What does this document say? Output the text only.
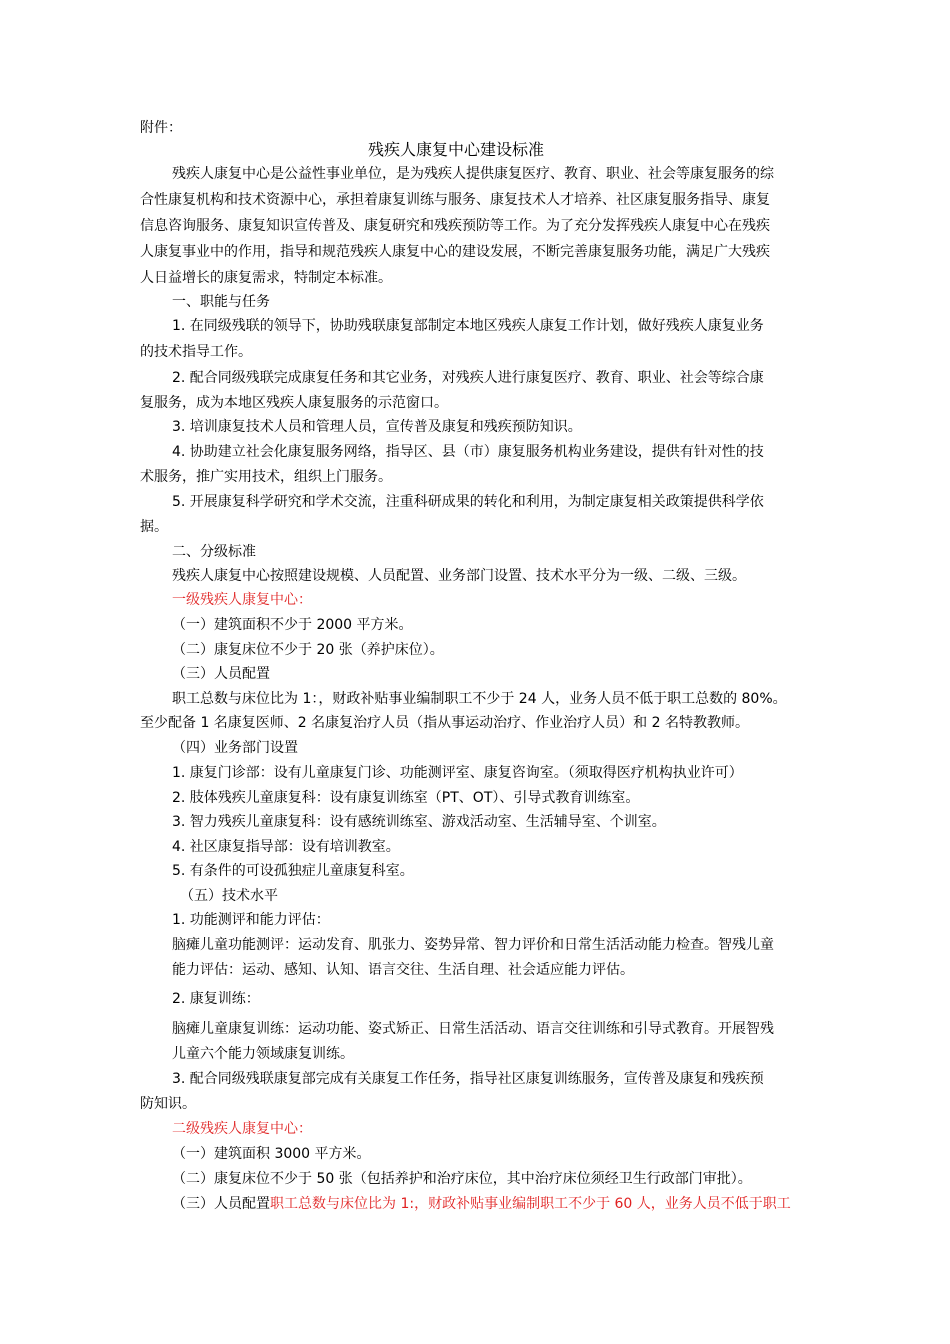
附件：

残疾人康复中心建设标准

残疾人康复中心是公益性事业单位，是为残疾人提供康复医疗、教育、职业、社会等康复服务的综

合性康复机构和技术资源中心，承担着康复训练与服务、康复技术人才培养、社区康复服务指导、康复

信息咨询服务、康复知识宣传普及、康复研究和残疾预防等工作。为了充分发挥残疾人康复中心在残疾

人康复事业中的作用，指导和规范残疾人康复中心的建设发展，不断完善康复服务功能，满足广大残疾

人日益增长的康复需求，特制定本标准。

一、职能与任务

1. 在同级残联的领导下，协助残联康复部制定本地区残疾人康复工作计划，做好残疾人康复业务

的技术指导工作。

2. 配合同级残联完成康复任务和其它业务，对残疾人进行康复医疗、教育、职业、社会等综合康

复服务，成为本地区残疾人康复服务的示范窗口。

3. 培训康复技术人员和管理人员，宣传普及康复和残疾预防知识。

4. 协助建立社会化康复服务网络，指导区、县（市）康复服务机构业务建设，提供有针对性的技

术服务，推广实用技术，组织上门服务。

5. 开展康复科学研究和学术交流，注重科研成果的转化和利用，为制定康复相关政策提供科学依

据。

二、分级标准

残疾人康复中心按照建设规模、人员配置、业务部门设置、技术水平分为一级、二级、三级。

一级残疾人康复中心：

（一）建筑面积不少于 2000 平方米。

（二）康复床位不少于 20 张（养护床位）。

（三）人员配置

职工总数与床位比为 1：，财政补贴事业编制职工不少于 24 人，业务人员不低于职工总数的 80%。

至少配备 1 名康复医师、2 名康复治疗人员（指从事运动治疗、作业治疗人员）和 2 名特教教师。

（四）业务部门设置

1. 康复门诊部：设有儿童康复门诊、功能测评室、康复咨询室。（须取得医疗机构执业许可）

2. 肢体残疾儿童康复科：设有康复训练室（PT、OT）、引导式教育训练室。

3. 智力残疾儿童康复科：设有感统训练室、游戏活动室、生活辅导室、个训室。

4. 社区康复指导部：设有培训教室。

5. 有条件的可设孤独症儿童康复科室。

（五）技术水平

1. 功能测评和能力评估：

脑瘫儿童功能测评：运动发育、肌张力、姿势异常、智力评价和日常生活活动能力检查。智残儿童

能力评估：运动、感知、认知、语言交往、生活自理、社会适应能力评估。

2. 康复训练：

脑瘫儿童康复训练：运动功能、姿式矫正、日常生活活动、语言交往训练和引导式教育。开展智残

儿童六个能力领域康复训练。

3. 配合同级残联康复部完成有关康复工作任务，指导社区康复训练服务，宣传普及康复和残疾预

防知识。

二级残疾人康复中心：

（一）建筑面积 3000 平方米。

（二）康复床位不少于 50 张（包括养护和治疗床位，其中治疗床位须经卫生行政部门审批）。

（三）人员配置职工总数与床位比为 1:，财政补贴事业编制职工不少于 60 人，业务人员不低于职工
